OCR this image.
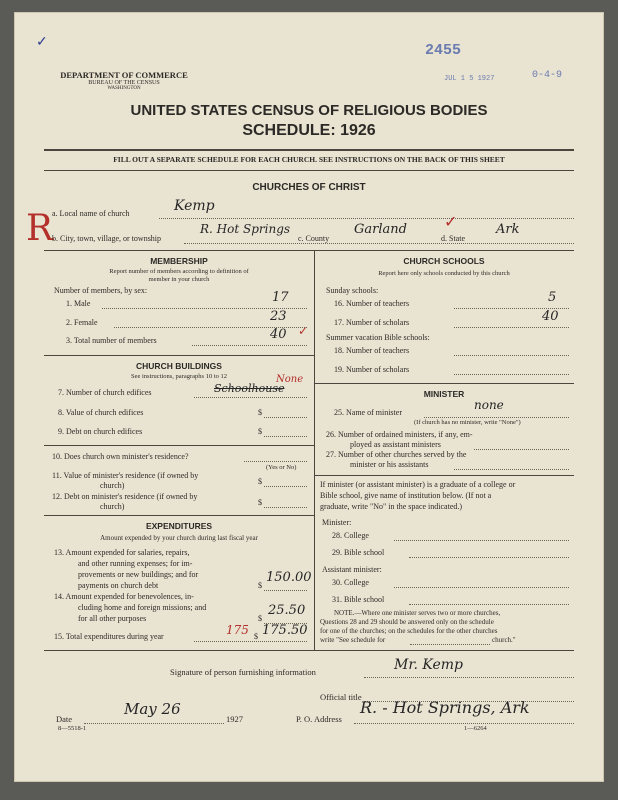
✓	2455
JUL 1 5 1927	0-4-9
DEPARTMENT OF COMMERCE
BUREAU OF THE CENSUS
WASHINGTON
UNITED STATES CENSUS OF RELIGIOUS BODIES
SCHEDULE: 1926
FILL OUT A SEPARATE SCHEDULE FOR EACH CHURCH. SEE INSTRUCTIONS ON THE BACK OF THIS SHEET
CHURCHES OF CHRIST
R
a. Local name of church	Kemp
b. City, town, village, or township
R. Hot Springs
c. County
Garland ✓
d. State
Ark
MEMBERSHIP
Report number of members according to definition of
member in your church
Number of members, by sex:
1. Male	17
2. Female	23
3. Total number of members	40 ✓
CHURCH BUILDINGS
See instructions, paragraphs 10 to 12
7. Number of church edifices	Schoolhouse
None
8. Value of church edifices	$
9. Debt on church edifices	$
10. Does church own minister's residence?
(Yes or No)
11. Value of minister's residence (if owned by
church)	$
12. Debt on minister's residence (if owned by
church)	$
EXPENDITURES
Amount expended by your church during last fiscal year
13. Amount expended for salaries, repairs,
and other running expenses; for im-
provements or new buildings; and for
payments on church debt	$
150.00
14. Amount expended for benevolences, in-
cluding home and foreign missions; and
for all other purposes	$
25.50
15. Total expenditures during year	175 $ 175.50
CHURCH SCHOOLS
Report here only schools conducted by this church
Sunday schools:
16. Number of teachers	5
17. Number of scholars	40
Summer vacation Bible schools:
18. Number of teachers
19. Number of scholars
MINISTER
25. Name of minister
none
(If church has no minister, write "None")
26. Number of ordained ministers, if any, em-
ployed as assistant ministers
27. Number of other churches served by the
minister or his assistants
If minister (or assistant minister) is a graduate of a college or
Bible school, give name of institution below. (If not a
graduate, write "No" in the space indicated.)
Minister:
28. College
29. Bible school
Assistant minister:
30. College
31. Bible school
NOTE.—Where one minister serves two or more churches,
Questions 28 and 29 should be answered only on the schedule
for one of the churches; on the schedules for the other churches
write "See schedule for	church."
Signature of person furnishing information	Mr. Kemp
Official title
Date
May 26
1927
8—5518-1
P. O. Address
R. - Hot Springs, Ark
1—6264
